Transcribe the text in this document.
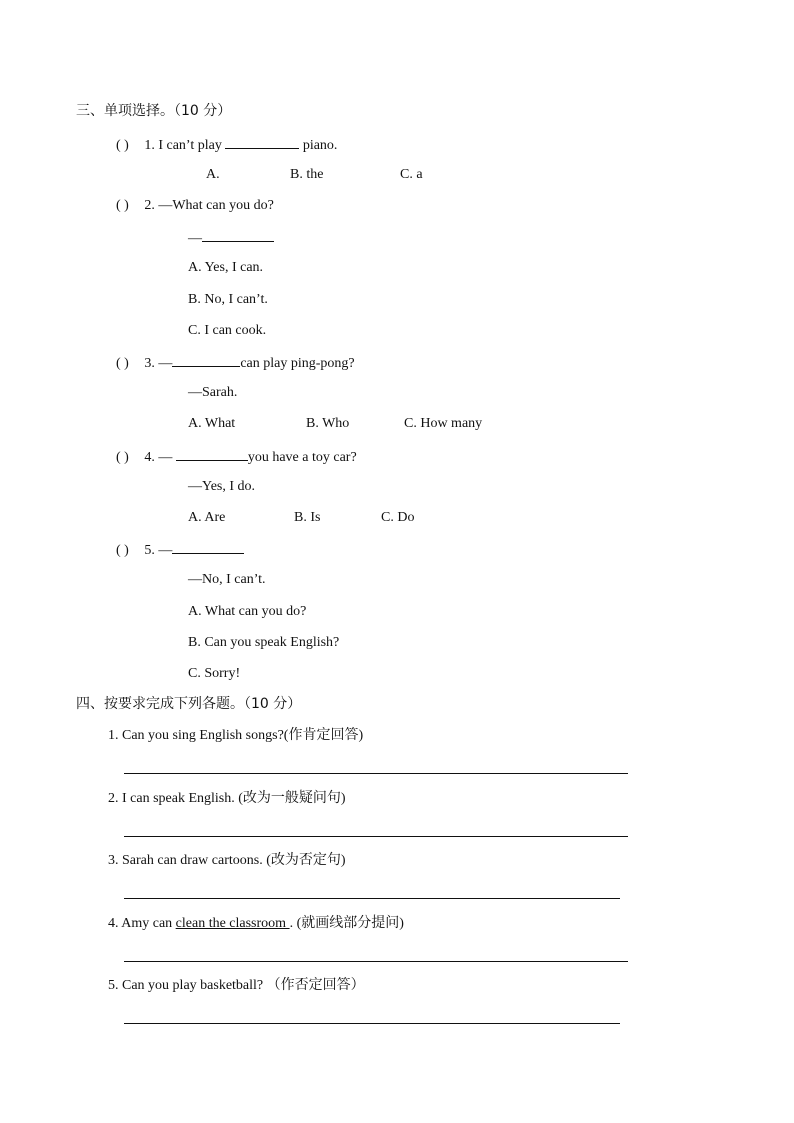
三、单项选择。（10 分）
( ) 1. I can’t play	piano.
A.	B. the	C. a
( ) 2. —What can you do?
—
A. Yes, I can.
B. No, I can’t.
C. I can cook.
( ) 3. —	can play ping-pong?
—Sarah.
A. What	B. Who	C. How many
( ) 4. —	you have a toy car?
—Yes, I do.
A. Are	B. Is	C. Do
( ) 5. —
—No, I can’t.
A. What can you do?
B. Can you speak English?
C. Sorry!
四、按要求完成下列各题。（10 分）
1. Can you sing English songs?(作肯定回答)
2. I can speak English. (改为一般疑问句)
3. Sarah can draw cartoons. (改为否定句)
4. Amy can clean the classroom . (就画线部分提问)
5. Can you play basketball? （作否定回答）
